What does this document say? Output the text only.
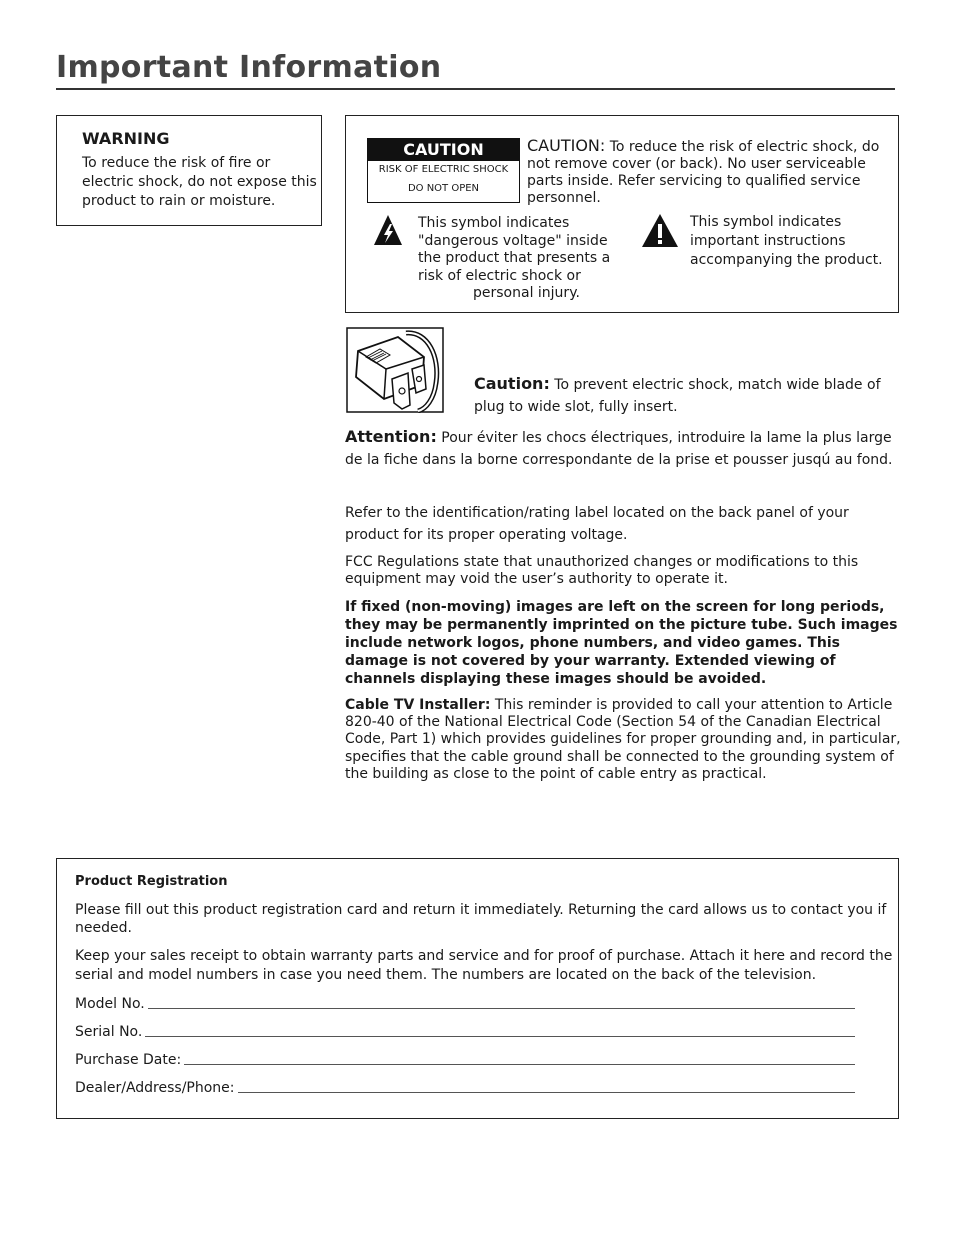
Important Information
WARNING
To reduce the risk of fire or electric shock, do not expose this product to rain or moisture.
CAUTION
RISK OF ELECTRIC SHOCK
DO NOT OPEN
CAUTION: To reduce the risk of electric shock, do not remove cover (or back). No user serviceable parts inside. Refer servicing to qualified service personnel.
This symbol indicates "dangerous voltage" inside the product that presents a risk of electric shock or
personal injury.
This symbol indicates important instructions accompanying the product.
Caution: To prevent electric shock, match wide blade of plug to wide slot, fully insert.
Attention: Pour éviter les chocs électriques, introduire la lame la plus large de la fiche dans la borne correspondante de la prise et pousser jusqú au fond.
Refer to the identification/rating label located on the back panel of your product for its proper operating voltage.
FCC Regulations state that unauthorized changes or modifications to this equipment may void the user’s authority to operate it.
If fixed (non-moving) images are left on the screen for long periods, they may be permanently imprinted on the picture tube. Such images include network logos, phone numbers, and video games. This damage is not covered by your warranty. Extended viewing of channels displaying these images should be avoided.
Cable TV Installer: This reminder is provided to call your attention to Article 820-40 of the National Electrical Code (Section 54 of the Canadian Electrical Code, Part 1) which provides guidelines for proper grounding and, in particular, specifies that the cable ground shall be connected to the grounding system of the building as close to the point of cable entry as practical.
Product Registration
Please fill out this product registration card and return it immediately. Returning the card allows us to contact you if needed.
Keep your sales receipt to obtain warranty parts and service and for proof of purchase. Attach it here and record the serial and model numbers in case you need them. The numbers are located on the back of the television.
Model No.
Serial No.
Purchase Date:
Dealer/Address/Phone:
